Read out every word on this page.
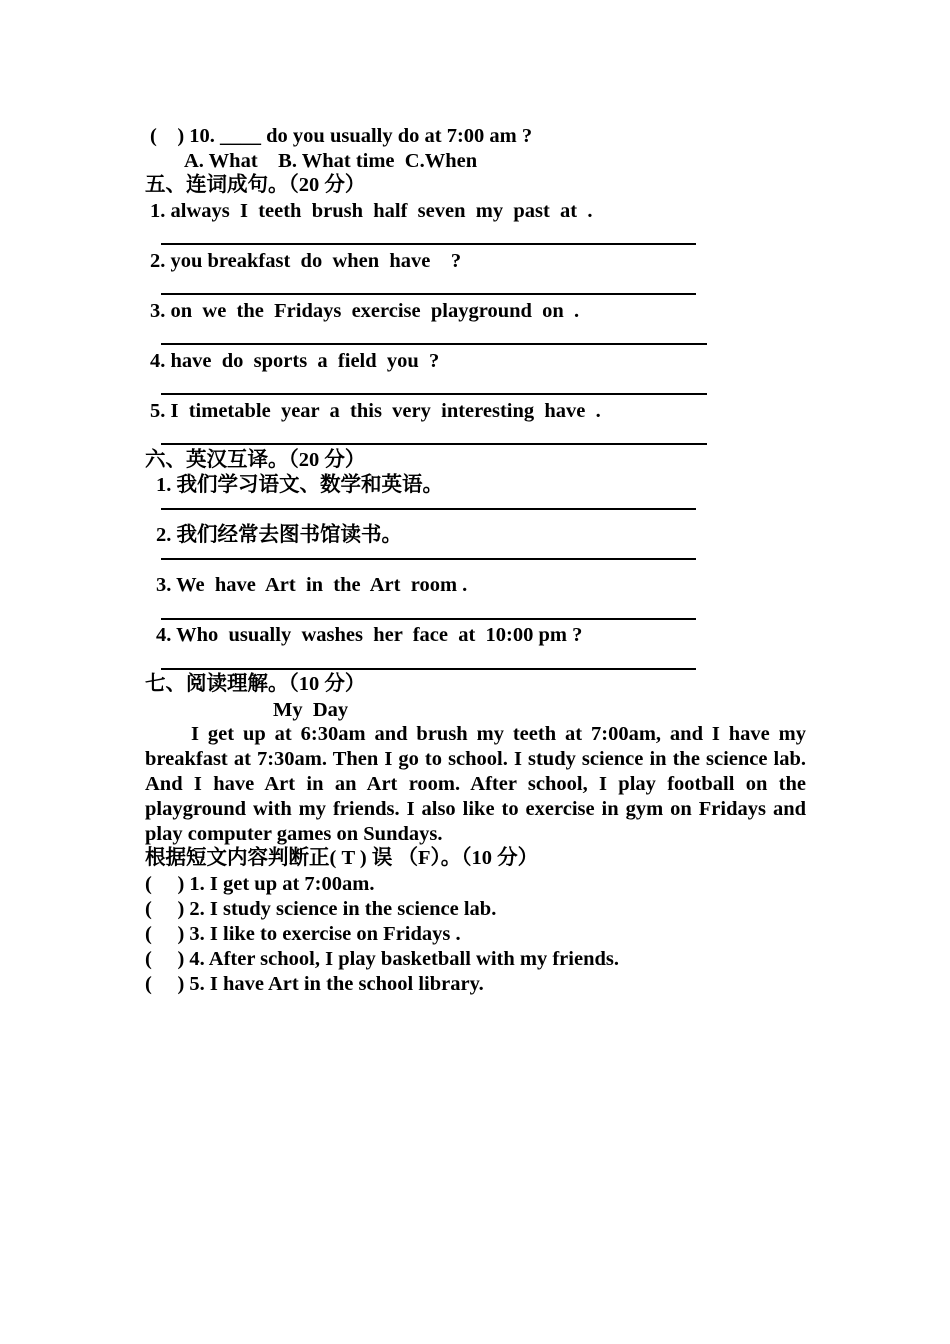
(    ) 10. ____ do you usually do at 7:00 am ?
A. What    B. What time  C.When
五、连词成句。（20 分）
1. always  I  teeth  brush  half  seven  my  past  at  .
2. you breakfast  do  when  have    ?
3. on  we  the  Fridays  exercise  playground  on  .
4. have  do  sports  a  field  you  ?
5. I  timetable  year  a  this  very  interesting  have  .
六、英汉互译。（20 分）
1. 我们学习语文、数学和英语。
2. 我们经常去图书馆读书。
3. We  have  Art  in  the  Art  room .
4. Who  usually  washes  her  face  at  10:00 pm ?
七、阅读理解。（10 分）
My  Day
I get up at 6:30am and brush my teeth at 7:00am, and I have my breakfast at 7:30am. Then I go to school. I study science in the science lab. And I have Art in an Art room. After school, I play football on the playground with my friends. I also like to exercise in gym on Fridays and play computer games on Sundays.
根据短文内容判断正( T ) 误 （F）。（10 分）
(     ) 1. I get up at 7:00am.
(     ) 2. I study science in the science lab.
(     ) 3. I like to exercise on Fridays .
(     ) 4. After school, I play basketball with my friends.
(     ) 5. I have Art in the school library.
